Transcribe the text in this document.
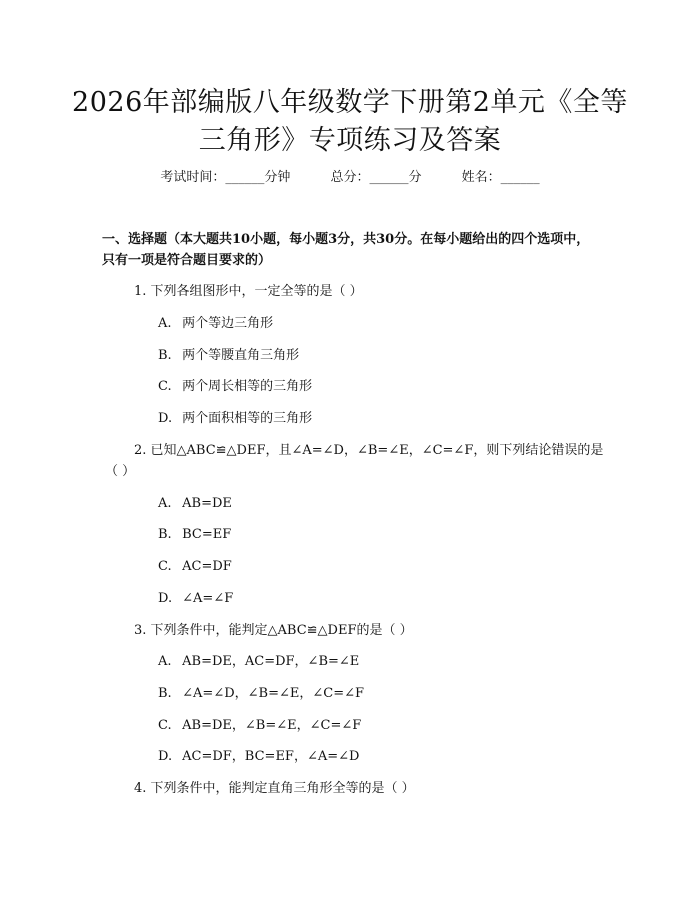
2026年部编版八年级数学下册第2单元《全等三角形》专项练习及答案
考试时间：______分钟	总分：______分	姓名：______
一、选择题（本大题共10小题，每小题3分，共30分。在每小题给出的四个选项中，只有一项是符合题目要求的）
1. 下列各组图形中，一定全等的是（ ）
A. 两个等边三角形
B. 两个等腰直角三角形
C. 两个周长相等的三角形
D. 两个面积相等的三角形
2. 已知△ABC≌△DEF，且∠A=∠D，∠B=∠E，∠C=∠F，则下列结论错误的是（ ）
A. AB=DE
B. BC=EF
C. AC=DF
D. ∠A=∠F
3. 下列条件中，能判定△ABC≌△DEF的是（ ）
A. AB=DE，AC=DF，∠B=∠E
B. ∠A=∠D，∠B=∠E，∠C=∠F
C. AB=DE，∠B=∠E，∠C=∠F
D. AC=DF，BC=EF，∠A=∠D
4. 下列条件中，能判定直角三角形全等的是（ ）
